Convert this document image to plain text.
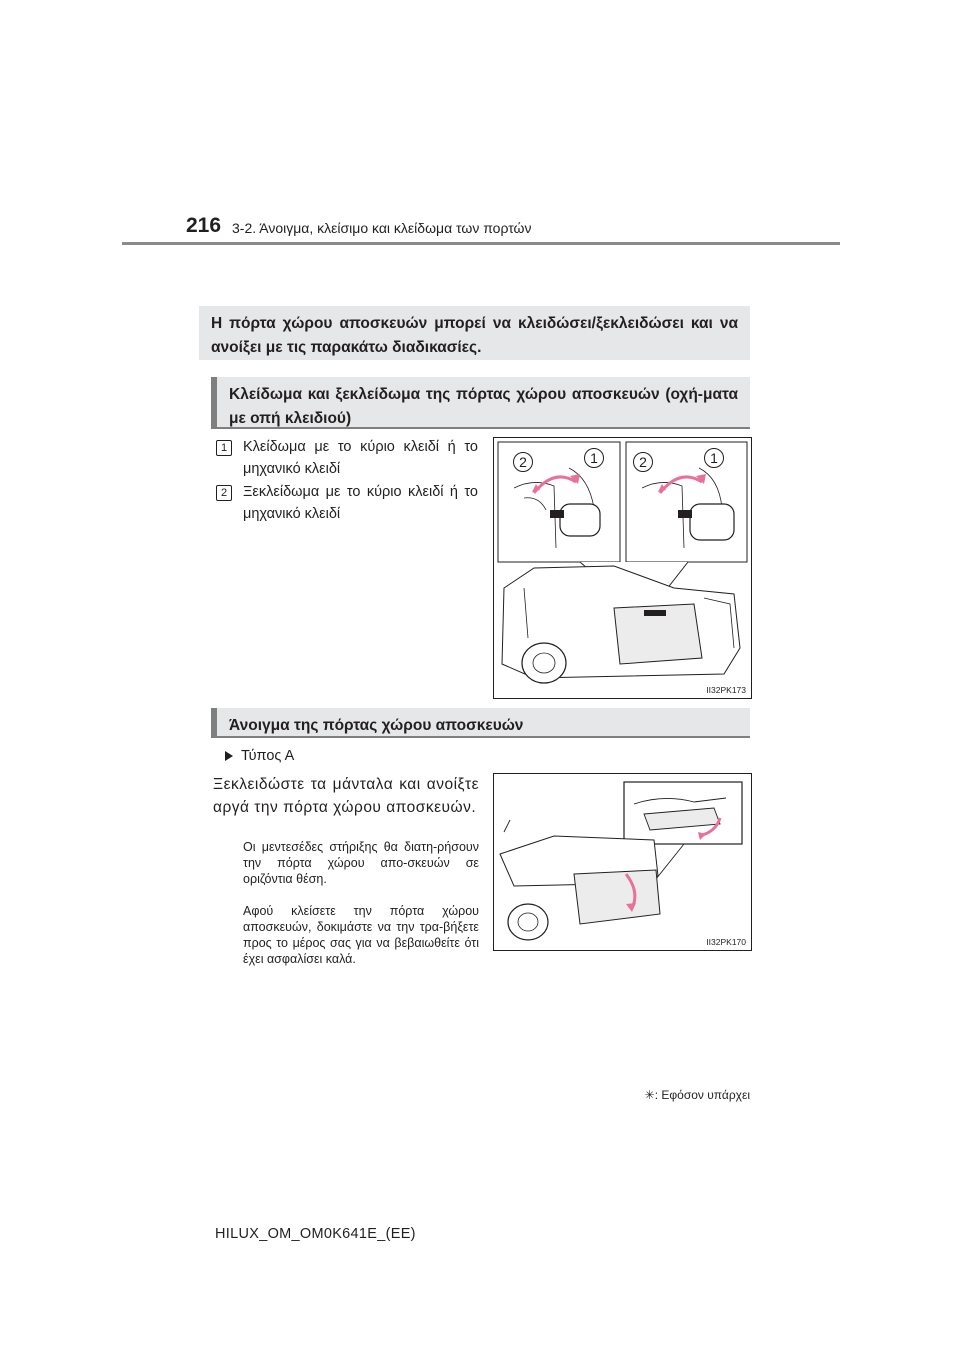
216 3-2. Άνοιγμα, κλείσιμο και κλείδωμα των πορτών
Η πόρτα χώρου αποσκευών μπορεί να κλειδώσει/ξεκλειδώσει και να ανοίξει με τις παρακάτω διαδικασίες.
Κλείδωμα και ξεκλείδωμα της πόρτας χώρου αποσκευών (οχή-ματα με οπή κλειδιού)
1	Κλείδωμα με το κύριο κλειδί ή το μηχανικό κλειδί
2	Ξεκλείδωμα με το κύριο κλειδί ή το μηχανικό κλειδί
2	1	2	1
II32PK173
Άνοιγμα της πόρτας χώρου αποσκευών
Τύπος Α
Ξεκλειδώστε τα μάνταλα και ανοίξτε αργά την πόρτα χώρου αποσκευών.
Οι μεντεσέδες στήριξης θα διατη-ρήσουν την πόρτα χώρου απο-σκευών σε οριζόντια θέση.
Αφού κλείσετε την πόρτα χώρου αποσκευών, δοκιμάστε να την τρα-βήξετε προς το μέρος σας για να βεβαιωθείτε ότι έχει ασφαλίσει καλά.
II32PK170
✳: Εφόσον υπάρχει
HILUX_OM_OM0K641E_(EE)
